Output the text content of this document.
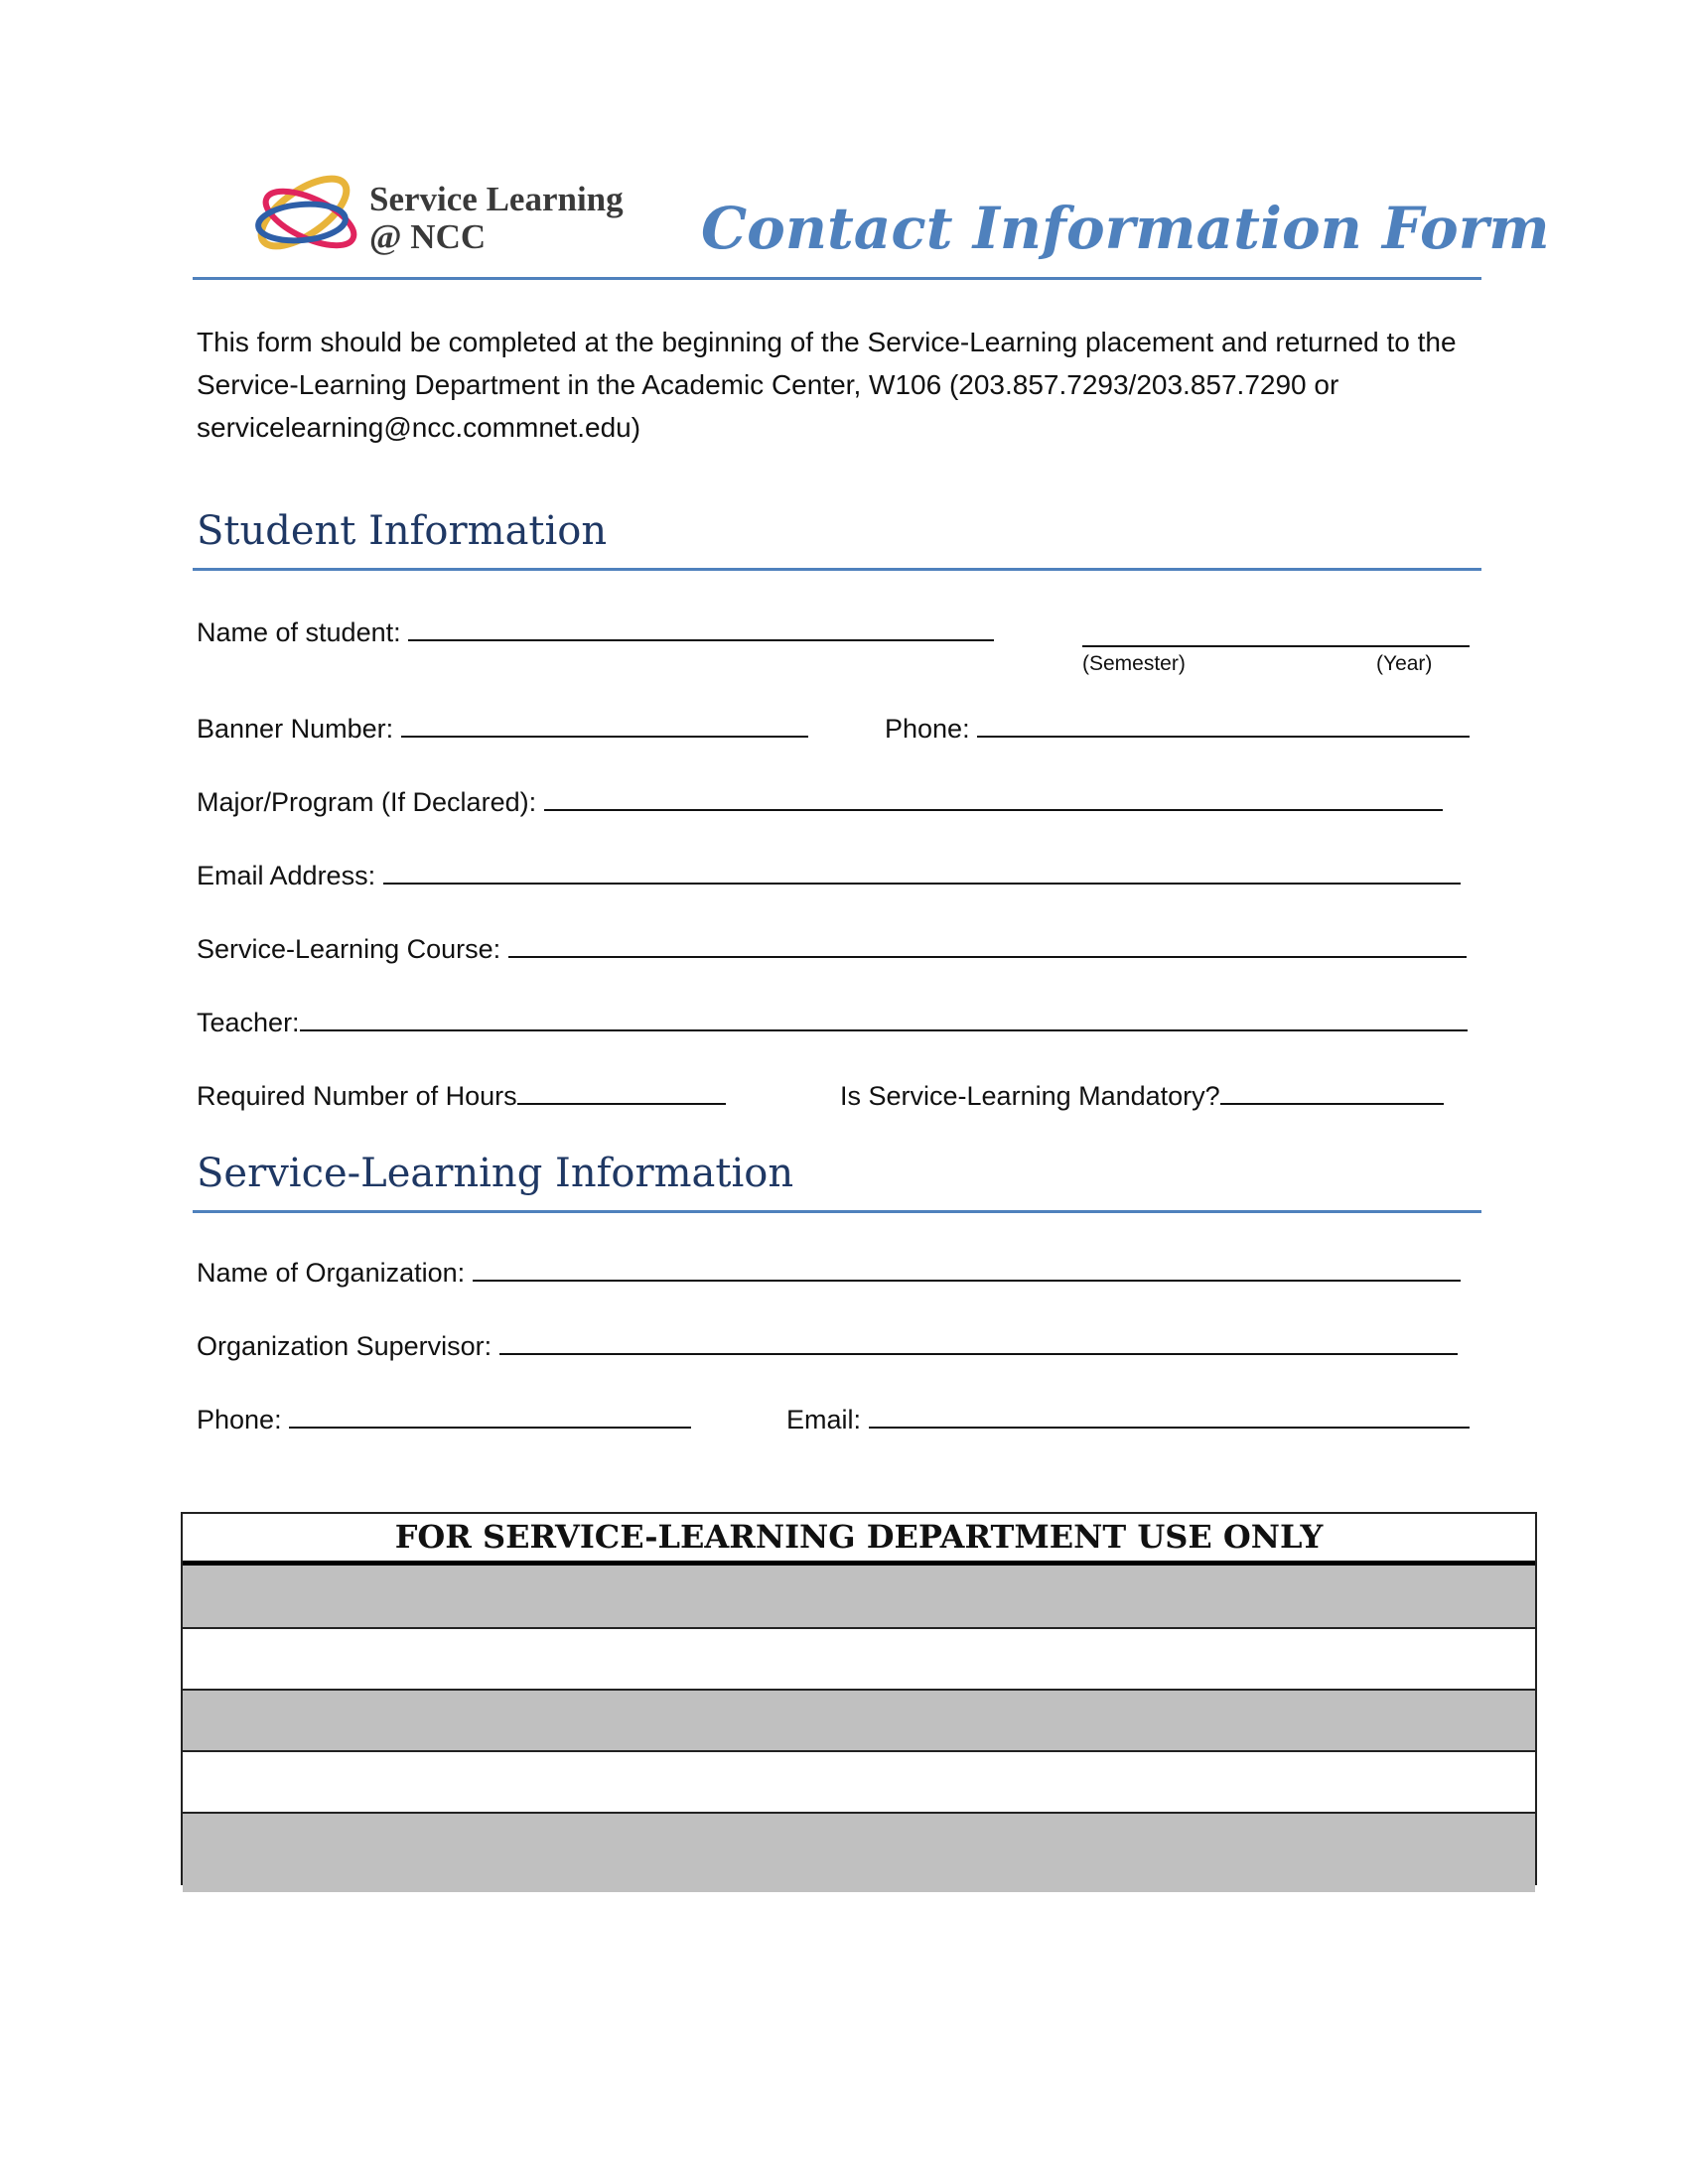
Service Learning
@ NCC	Contact Information Form
This form should be completed at the beginning of the Service-Learning placement and returned to the Service-Learning Department in the Academic Center, W106 (203.857.7293/203.857.7290 or servicelearning@ncc.commnet.edu)
Student Information
Name of student:
(Semester)	(Year)
Banner Number:	Phone:
Major/Program (If Declared):
Email Address:
Service-Learning Course:
Teacher:
Required Number of Hours	Is Service-Learning Mandatory?
Service-Learning Information
Name of Organization:
Organization Supervisor:
Phone:	Email:
FOR SERVICE-LEARNING DEPARTMENT USE ONLY
